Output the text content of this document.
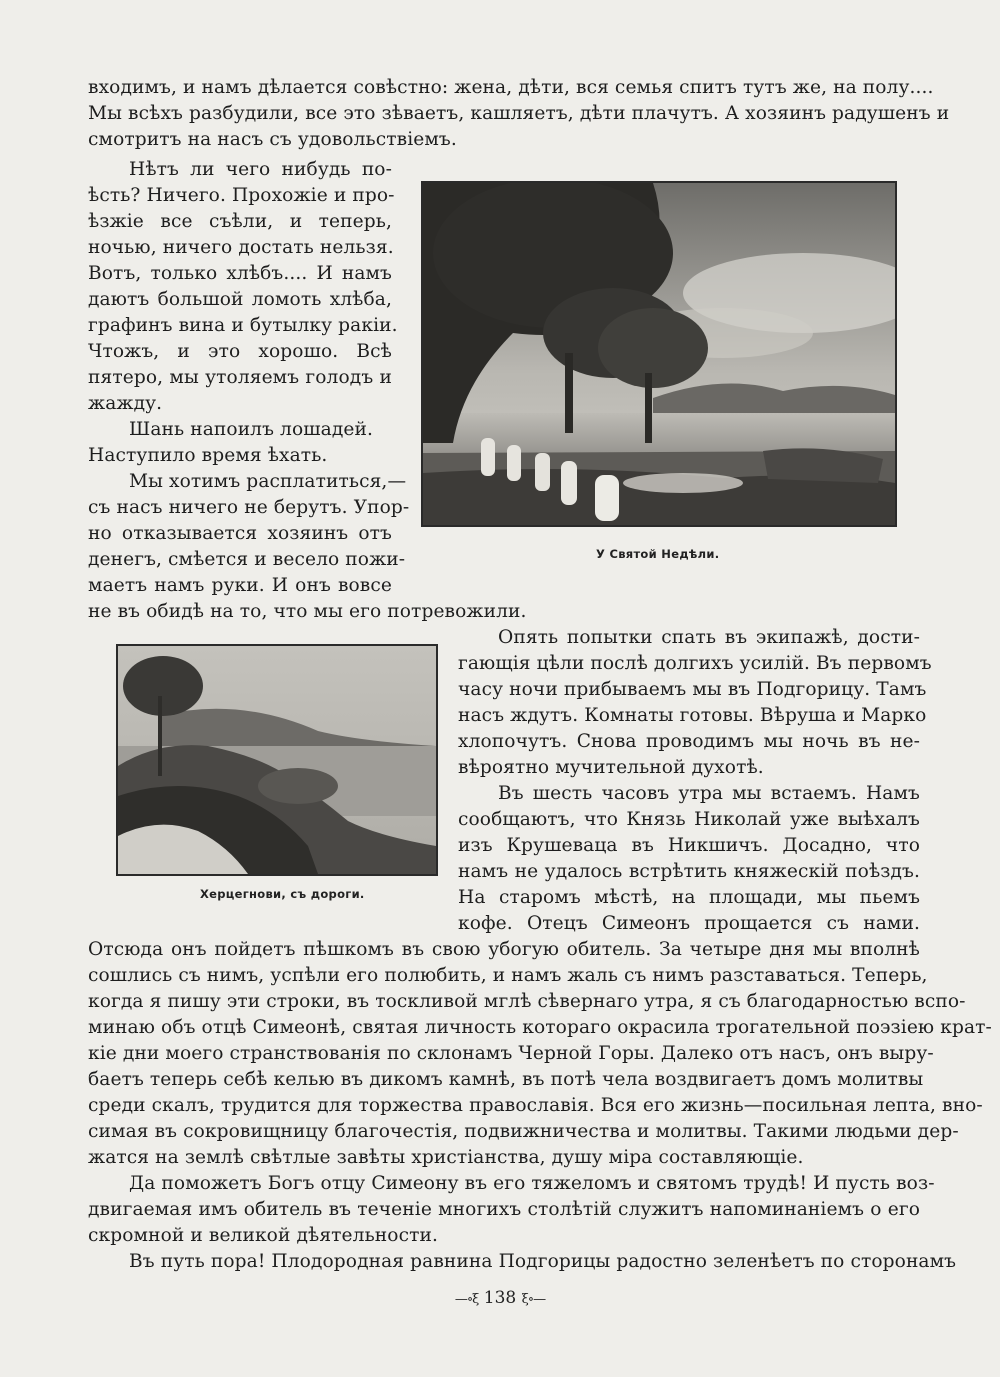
входимъ, и намъ дѣлается совѣстно: жена, дѣти, вся семья спитъ тутъ же, на полу....
Мы всѣхъ разбудили, все это зѣваетъ, кашляетъ, дѣти плачутъ. А хозяинъ радушенъ и
смотритъ на насъ съ удовольствіемъ.
Нѣтъ ли чего нибудь по-
ѣсть? Ничего. Прохожіе и про-
ѣзжіе все съѣли, и теперь,
ночью, ничего достать нельзя.
Вотъ, только хлѣбъ.... И намъ
даютъ большой ломоть хлѣба,
графинъ вина и бутылку ракіи.
Чтожъ, и это хорошо. Всѣ
пятеро, мы утоляемъ голодъ и
жажду.
Шань напоилъ лошадей.
Наступило время ѣхать.
Мы хотимъ расплатиться,—
съ насъ ничего не берутъ. Упор-
но отказывается хозяинъ отъ
денегъ, смѣется и весело пожи-
маетъ намъ руки. И онъ вовсе
не въ обидѣ на то, что мы его потревожили.
У Святой Недѣли.
Херцегнови, съ дороги.
Опять попытки спать въ экипажѣ, дости-
гающія цѣли послѣ долгихъ усилій. Въ первомъ
часу ночи прибываемъ мы въ Подгорицу. Тамъ
насъ ждутъ. Комнаты готовы. Вѣруша и Марко
хлопочутъ. Снова проводимъ мы ночь въ не-
вѣроятно мучительной духотѣ.
Въ шесть часовъ утра мы встаемъ. Намъ
сообщаютъ, что Князь Николай уже выѣхалъ
изъ Крушеваца въ Никшичъ. Досадно, что
намъ не удалось встрѣтить княжескій поѣздъ.
На старомъ мѣстѣ, на площади, мы пьемъ
кофе. Отецъ Симеонъ прощается съ нами.
Отсюда онъ пойдетъ пѣшкомъ въ свою убогую обитель. За четыре дня мы вполнѣ
сошлись съ нимъ, успѣли его полюбить, и намъ жаль съ нимъ разставаться. Теперь,
когда я пишу эти строки, въ тоскливой мглѣ сѣвернаго утра, я съ благодарностью вспо-
минаю объ отцѣ Симеонѣ, святая личность котораго окрасила трогательной поэзіею крат-
кіе дни моего странствованія по склонамъ Черной Горы. Далеко отъ насъ, онъ выру-
баетъ теперь себѣ келью въ дикомъ камнѣ, въ потѣ чела воздвигаетъ домъ молитвы
среди скалъ, трудится для торжества православія. Вся его жизнь—посильная лепта, вно-
симая въ сокровищницу благочестія, подвижничества и молитвы. Такими людьми дер-
жатся на землѣ свѣтлые завѣты христіанства, душу міра составляющіе.
Да поможетъ Богъ отцу Симеону въ его тяжеломъ и святомъ трудѣ! И пусть воз-
двигаемая имъ обитель въ теченіе многихъ столѣтій служитъ напоминаніемъ о его
скромной и великой дѣятельности.
Въ путь пора! Плодородная равнина Подгорицы радостно зеленѣетъ по сторонамъ
—∘ξ 138 ξ∘—
